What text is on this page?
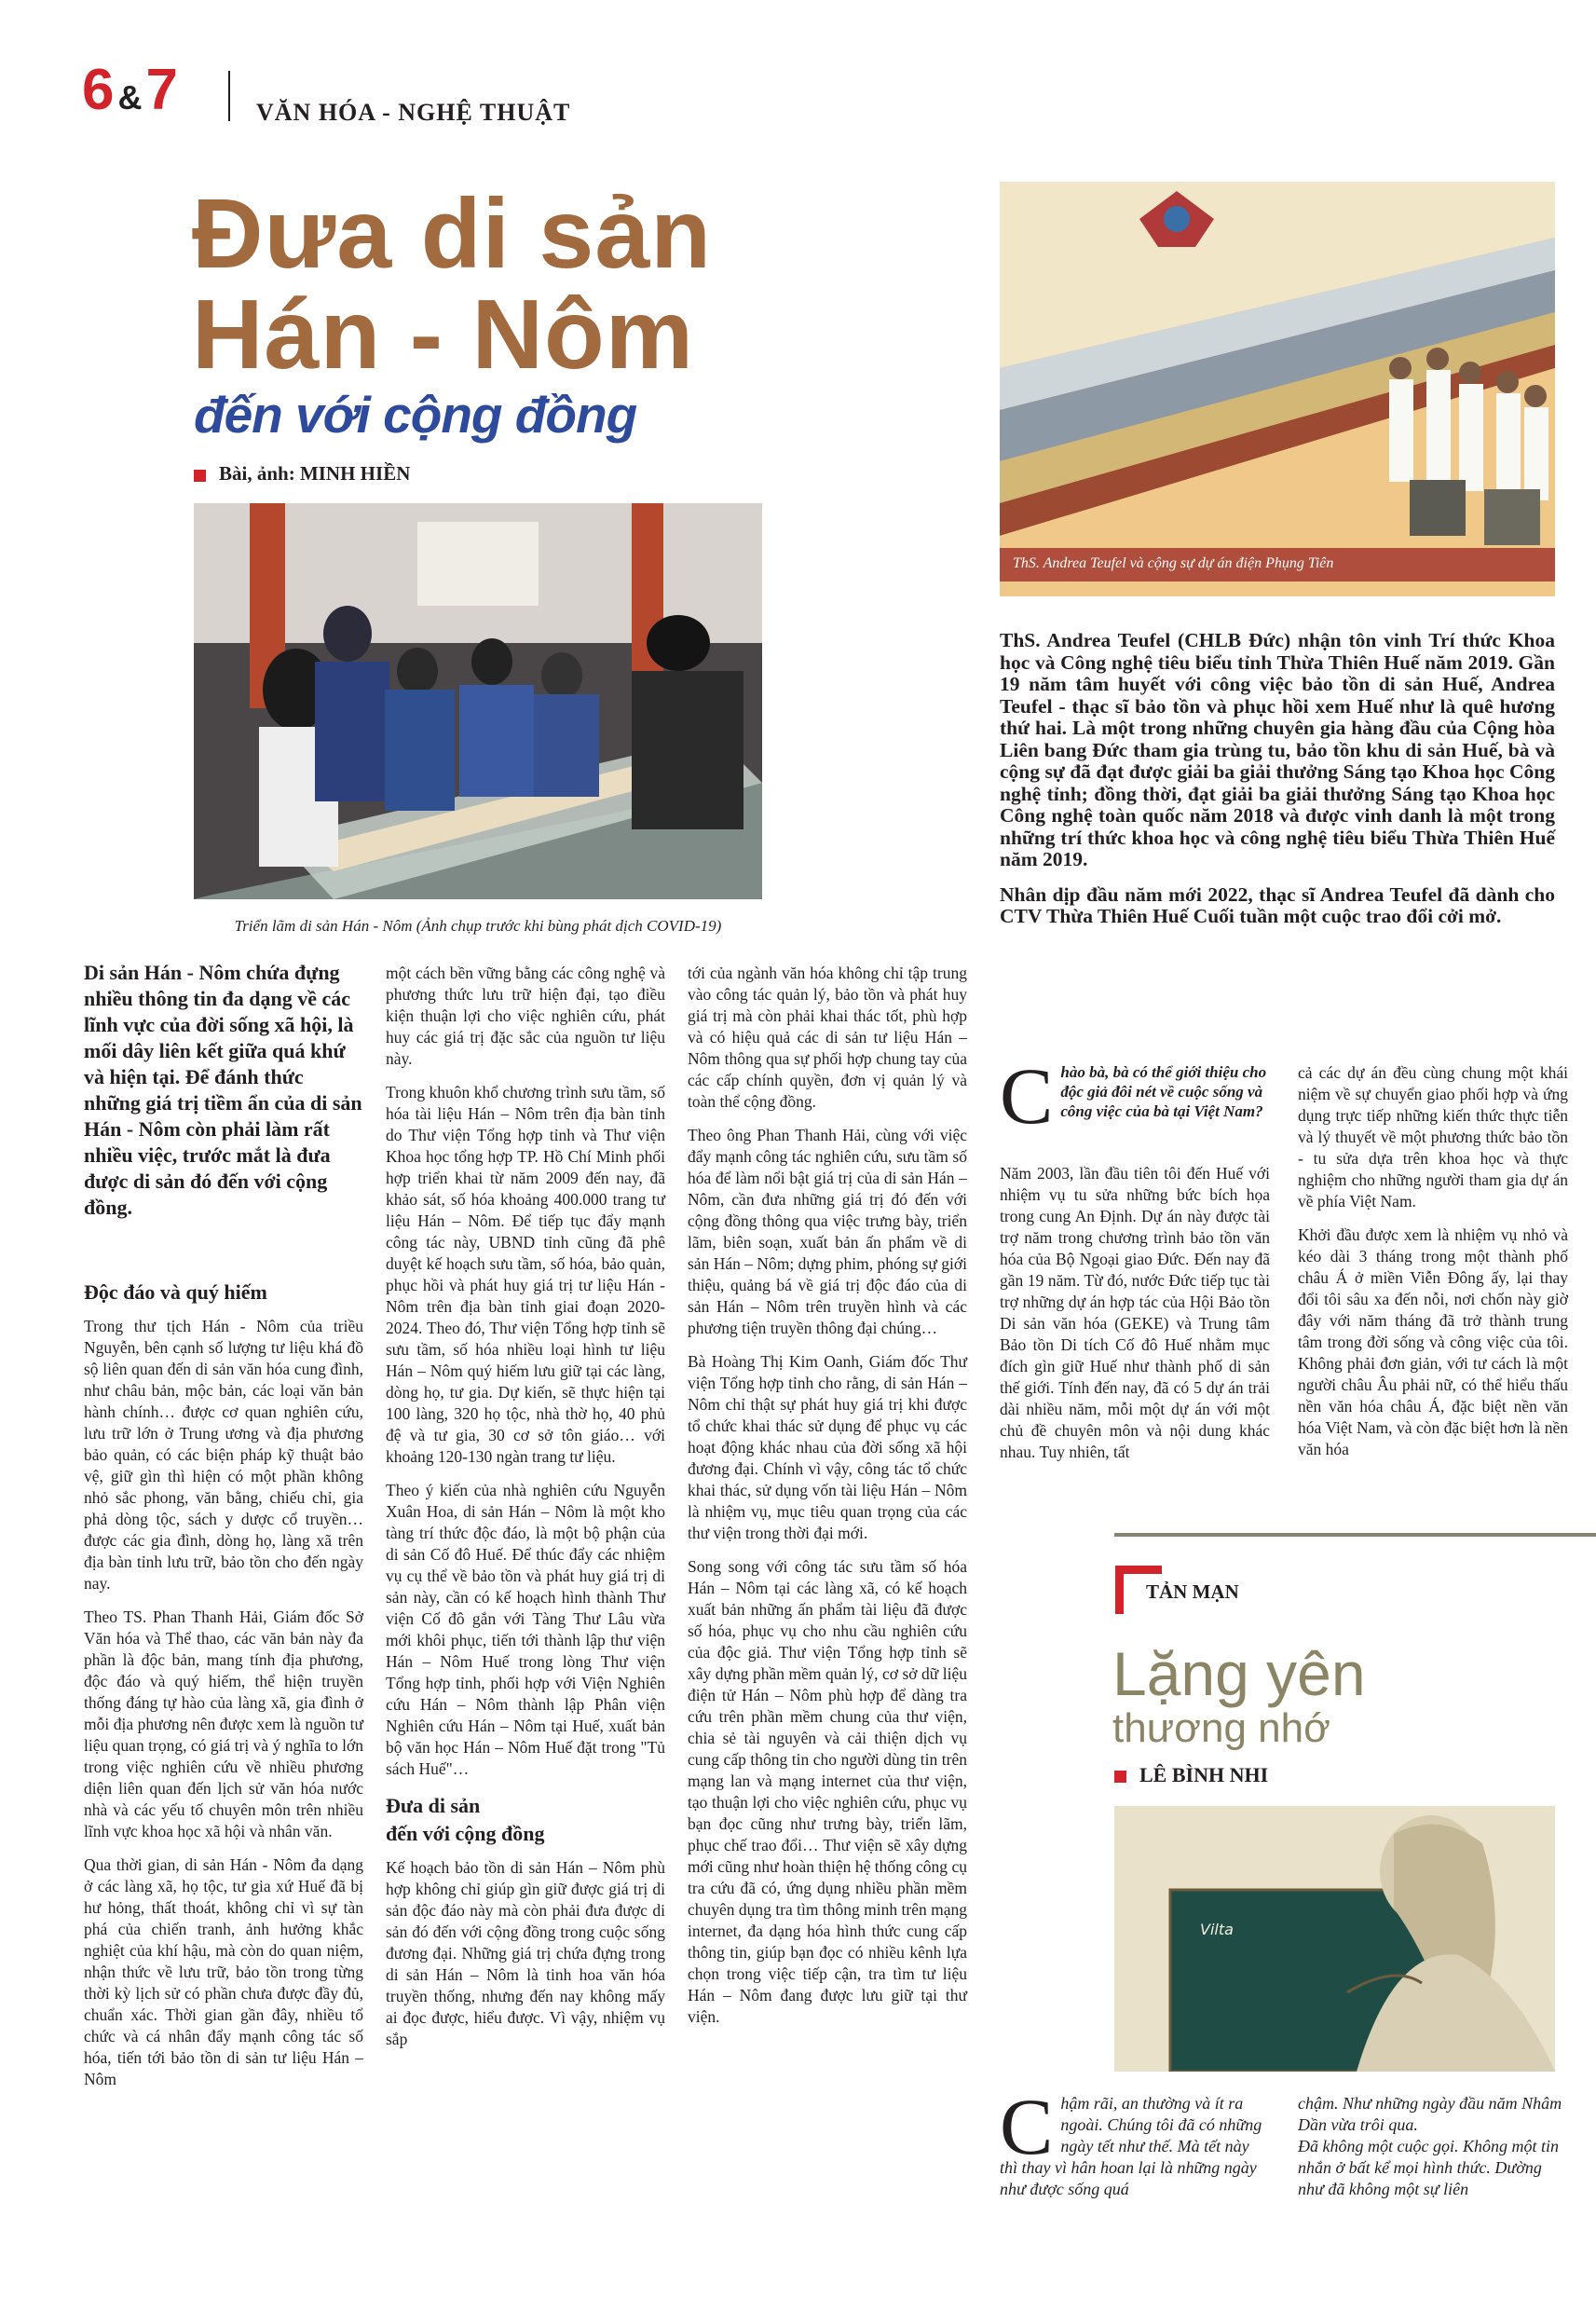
6 &7	VĂN HÓA - NGHỆ THUẬT
Đưa di sản
Hán - Nôm
đến với cộng đồng
Bài, ảnh: MINH HIỀN
Triển lãm di sản Hán - Nôm (Ảnh chụp trước khi bùng phát dịch COVID-19)
ThS. Andrea Teufel và cộng sự dự án điện Phụng Tiên
Di sản Hán - Nôm chứa đựng nhiều thông tin đa dạng về các lĩnh vực của đời sống xã hội, là mối dây liên kết giữa quá khứ và hiện tại. Để đánh thức những giá trị tiềm ẩn của di sản Hán - Nôm còn phải làm rất nhiều việc, trước mắt là đưa được di sản đó đến với cộng đồng.
Độc đáo và quý hiếm

Trong thư tịch Hán - Nôm của triều Nguyễn, bên cạnh số lượng tư liệu khá đồ sộ liên quan đến di sản văn hóa cung đình, như châu bản, mộc bản, các loại văn bản hành chính… được cơ quan nghiên cứu, lưu trữ lớn ở Trung ương và địa phương bảo quản, có các biện pháp kỹ thuật bảo vệ, giữ gìn thì hiện có một phần không nhỏ sắc phong, văn bằng, chiếu chỉ, gia phả dòng tộc, sách y dược cổ truyền… được các gia đình, dòng họ, làng xã trên địa bàn tỉnh lưu trữ, bảo tồn cho đến ngày nay.

Theo TS. Phan Thanh Hải, Giám đốc Sở Văn hóa và Thể thao, các văn bản này đa phần là độc bản, mang tính địa phương, độc đáo và quý hiếm, thể hiện truyền thống đáng tự hào của làng xã, gia đình ở mỗi địa phương nên được xem là nguồn tư liệu quan trọng, có giá trị và ý nghĩa to lớn trong việc nghiên cứu về nhiều phương diện liên quan đến lịch sử văn hóa nước nhà và các yếu tố chuyên môn trên nhiều lĩnh vực khoa học xã hội và nhân văn.

Qua thời gian, di sản Hán - Nôm đa dạng ở các làng xã, họ tộc, tư gia xứ Huế đã bị hư hỏng, thất thoát, không chỉ vì sự tàn phá của chiến tranh, ảnh hưởng khắc nghiệt của khí hậu, mà còn do quan niệm, nhận thức về lưu trữ, bảo tồn trong từng thời kỳ lịch sử có phần chưa được đầy đủ, chuẩn xác. Thời gian gần đây, nhiều tổ chức và cá nhân đẩy mạnh công tác số hóa, tiến tới bảo tồn di sản tư liệu Hán – Nôm

một cách bền vững bằng các công nghệ và phương thức lưu trữ hiện đại, tạo điều kiện thuận lợi cho việc nghiên cứu, phát huy các giá trị đặc sắc của nguồn tư liệu này.

Trong khuôn khổ chương trình sưu tầm, số hóa tài liệu Hán – Nôm trên địa bàn tỉnh do Thư viện Tổng hợp tỉnh và Thư viện Khoa học tổng hợp TP. Hồ Chí Minh phối hợp triển khai từ năm 2009 đến nay, đã khảo sát, số hóa khoảng 400.000 trang tư liệu Hán – Nôm. Để tiếp tục đẩy mạnh công tác này, UBND tỉnh cũng đã phê duyệt kế hoạch sưu tầm, số hóa, bảo quản, phục hồi và phát huy giá trị tư liệu Hán - Nôm trên địa bàn tỉnh giai đoạn 2020-2024. Theo đó, Thư viện Tổng hợp tỉnh sẽ sưu tầm, số hóa nhiều loại hình tư liệu Hán – Nôm quý hiếm lưu giữ tại các làng, dòng họ, tư gia. Dự kiến, sẽ thực hiện tại 100 làng, 320 họ tộc, nhà thờ họ, 40 phủ đệ và tư gia, 30 cơ sở tôn giáo… với khoảng 120-130 ngàn trang tư liệu.

Theo ý kiến của nhà nghiên cứu Nguyễn Xuân Hoa, di sản Hán – Nôm là một kho tàng trí thức độc đáo, là một bộ phận của di sản Cố đô Huế. Để thúc đẩy các nhiệm vụ cụ thể về bảo tồn và phát huy giá trị di sản này, cần có kế hoạch hình thành Thư viện Cố đô gắn với Tàng Thư Lâu vừa mới khôi phục, tiến tới thành lập thư viện Hán – Nôm Huế trong lòng Thư viện Tổng hợp tỉnh, phối hợp với Viện Nghiên cứu Hán – Nôm thành lập Phân viện Nghiên cứu Hán – Nôm tại Huế, xuất bản bộ văn học Hán – Nôm Huế đặt trong "Tủ sách Huế"…

Đưa di sản
đến với cộng đồng

Kế hoạch bảo tồn di sản Hán – Nôm phù hợp không chỉ giúp gìn giữ được giá trị di sản độc đáo này mà còn phải đưa được di sản đó đến với cộng đồng trong cuộc sống đương đại. Những giá trị chứa đựng trong di sản Hán – Nôm là tinh hoa văn hóa truyền thống, nhưng đến nay không mấy ai đọc được, hiểu được. Vì vậy, nhiệm vụ sắp

tới của ngành văn hóa không chỉ tập trung vào công tác quản lý, bảo tồn và phát huy giá trị mà còn phải khai thác tốt, phù hợp và có hiệu quả các di sản tư liệu Hán – Nôm thông qua sự phối hợp chung tay của các cấp chính quyền, đơn vị quản lý và toàn thể cộng đồng.

Theo ông Phan Thanh Hải, cùng với việc đẩy mạnh công tác nghiên cứu, sưu tầm số hóa để làm nổi bật giá trị của di sản Hán – Nôm, cần đưa những giá trị đó đến với cộng đồng thông qua việc trưng bày, triển lãm, biên soạn, xuất bản ấn phẩm về di sản Hán – Nôm; dựng phim, phóng sự giới thiệu, quảng bá về giá trị độc đáo của di sản Hán – Nôm trên truyền hình và các phương tiện truyền thông đại chúng…

Bà Hoàng Thị Kim Oanh, Giám đốc Thư viện Tổng hợp tỉnh cho rằng, di sản Hán – Nôm chỉ thật sự phát huy giá trị khi được tổ chức khai thác sử dụng để phục vụ các hoạt động khác nhau của đời sống xã hội đương đại. Chính vì vậy, công tác tổ chức khai thác, sử dụng vốn tài liệu Hán – Nôm là nhiệm vụ, mục tiêu quan trọng của các thư viện trong thời đại mới.

Song song với công tác sưu tầm số hóa Hán – Nôm tại các làng xã, có kế hoạch xuất bản những ấn phẩm tài liệu đã được số hóa, phục vụ cho nhu cầu nghiên cứu của độc giả. Thư viện Tổng hợp tỉnh sẽ xây dựng phần mềm quản lý, cơ sở dữ liệu điện tử Hán – Nôm phù hợp để dàng tra cứu trên phần mềm chung của thư viện, chia sẻ tài nguyên và cải thiện dịch vụ cung cấp thông tin cho người dùng tin trên mạng lan và mạng internet của thư viện, tạo thuận lợi cho việc nghiên cứu, phục vụ bạn đọc cũng như trưng bày, triển lãm, phục chế trao đổi… Thư viện sẽ xây dựng mới cũng như hoàn thiện hệ thống công cụ tra cứu đã có, ứng dụng nhiều phần mềm chuyên dụng tra tìm thông minh trên mạng internet, đa dạng hóa hình thức cung cấp thông tin, giúp bạn đọc có nhiều kênh lựa chọn trong việc tiếp cận, tra tìm tư liệu Hán – Nôm đang được lưu giữ tại thư viện.

ThS. Andrea Teufel (CHLB Đức) nhận tôn vinh Trí thức Khoa học và Công nghệ tiêu biểu tỉnh Thừa Thiên Huế năm 2019. Gần 19 năm tâm huyết với công việc bảo tồn di sản Huế, Andrea Teufel - thạc sĩ bảo tồn và phục hồi xem Huế như là quê hương thứ hai. Là một trong những chuyên gia hàng đầu của Cộng hòa Liên bang Đức tham gia trùng tu, bảo tồn khu di sản Huế, bà và cộng sự đã đạt được giải ba giải thưởng Sáng tạo Khoa học Công nghệ tỉnh; đồng thời, đạt giải ba giải thưởng Sáng tạo Khoa học Công nghệ toàn quốc năm 2018 và được vinh danh là một trong những trí thức khoa học và công nghệ tiêu biểu Thừa Thiên Huế năm 2019.

Nhân dịp đầu năm mới 2022, thạc sĩ Andrea Teufel đã dành cho CTV Thừa Thiên Huế Cuối tuần một cuộc trao đổi cởi mở.

Chào bà, bà có thể giới thiệu cho độc giả đôi nét về cuộc sống và công việc của bà tại Việt Nam?

Năm 2003, lần đầu tiên tôi đến Huế với nhiệm vụ tu sửa những bức bích họa trong cung An Định. Dự án này được tài trợ năm trong chương trình bảo tồn văn hóa của Bộ Ngoại giao Đức. Đến nay đã gần 19 năm. Từ đó, nước Đức tiếp tục tài trợ những dự án hợp tác của Hội Bảo tồn Di sản văn hóa (GEKE) và Trung tâm Bảo tồn Di tích Cố đô Huế nhằm mục đích gìn giữ Huế như thành phố di sản thế giới. Tính đến nay, đã có 5 dự án trải dài nhiều năm, mỗi một dự án với một chủ đề chuyên môn và nội dung khác nhau. Tuy nhiên, tất

cả các dự án đều cùng chung một khái niệm về sự chuyển giao phối hợp và ứng dụng trực tiếp những kiến thức thực tiễn và lý thuyết về một phương thức bảo tồn - tu sửa dựa trên khoa học và thực nghiệm cho những người tham gia dự án về phía Việt Nam.

Khởi đầu được xem là nhiệm vụ nhỏ và kéo dài 3 tháng trong một thành phố châu Á ở miền Viễn Đông ấy, lại thay đổi tôi sâu xa đến nỗi, nơi chốn này giờ đây với năm tháng đã trở thành trung tâm trong đời sống và công việc của tôi. Không phải đơn giản, với tư cách là một người châu Âu phải nữ, có thể hiểu thấu nền văn hóa châu Á, đặc biệt nền văn hóa Việt Nam, và còn đặc biệt hơn là nền văn hóa

TẢN MẠN
Lặng yên
thương nhớ
LÊ BÌNH NHI
Vilta
Chậm rãi, an thường và ít ra ngoài. Chúng tôi đã có những ngày tết như thế. Mà tết này thì thay vì hân hoan lại là những ngày như được sống quá

chậm. Như những ngày đầu năm Nhâm Dần vừa trôi qua.

Đã không một cuộc gọi. Không một tin nhắn ở bất kể mọi hình thức. Dường như đã không một sự liên
